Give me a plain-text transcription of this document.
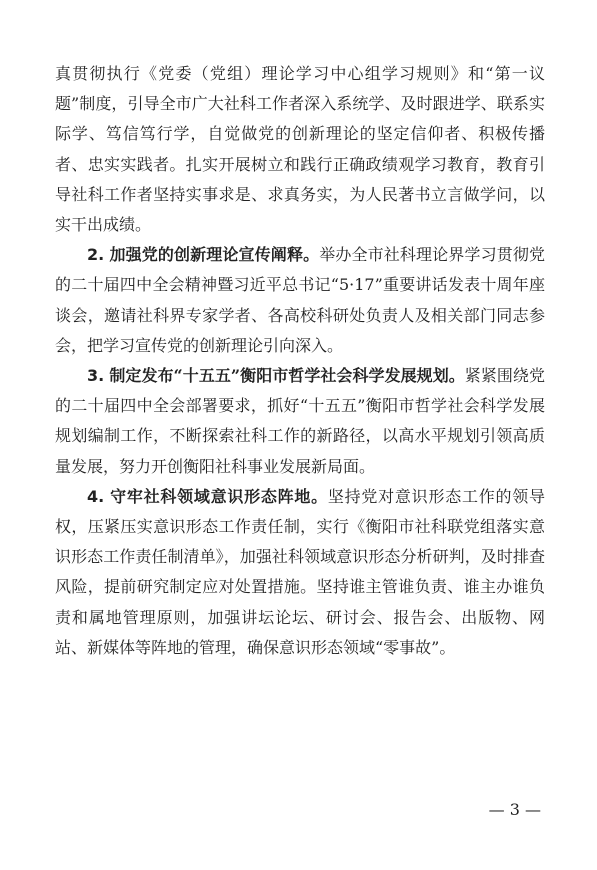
真贯彻执行《党委（党组）理论学习中心组学习规则》和“第一议题”制度，引导全市广大社科工作者深入系统学、及时跟进学、联系实际学、笃信笃行学，自觉做党的创新理论的坚定信仰者、积极传播者、忠实实践者。扎实开展树立和践行正确政绩观学习教育，教育引导社科工作者坚持实事求是、求真务实，为人民著书立言做学问，以实干出成绩。

2. 加强党的创新理论宣传阐释。举办全市社科理论界学习贯彻党的二十届四中全会精神暨习近平总书记“5·17”重要讲话发表十周年座谈会，邀请社科界专家学者、各高校科研处负责人及相关部门同志参会，把学习宣传党的创新理论引向深入。

3. 制定发布“十五五”衡阳市哲学社会科学发展规划。紧紧围绕党的二十届四中全会部署要求，抓好“十五五”衡阳市哲学社会科学发展规划编制工作，不断探索社科工作的新路径，以高水平规划引领高质量发展，努力开创衡阳社科事业发展新局面。

4. 守牢社科领域意识形态阵地。坚持党对意识形态工作的领导权，压紧压实意识形态工作责任制，实行《衡阳市社科联党组落实意识形态工作责任制清单》，加强社科领域意识形态分析研判，及时排查风险，提前研究制定应对处置措施。坚持谁主管谁负责、谁主办谁负责和属地管理原则，加强讲坛论坛、研讨会、报告会、出版物、网站、新媒体等阵地的管理，确保意识形态领域“零事故”。

— 3 —
